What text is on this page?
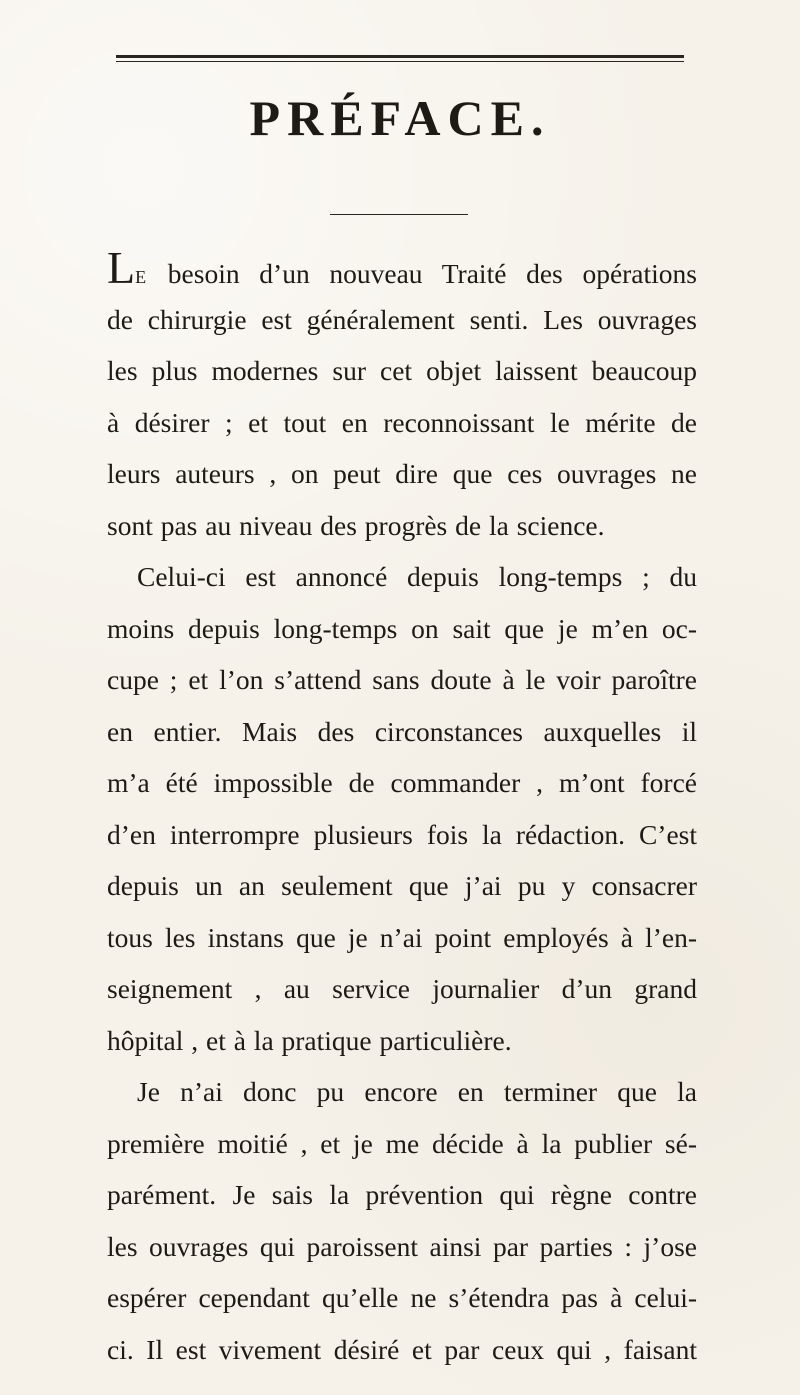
PRÉFACE.
LE besoin d’un nouveau Traité des opérations
de chirurgie est généralement senti. Les ouvrages
les plus modernes sur cet objet laissent beaucoup
à désirer ; et tout en reconnoissant le mérite de
leurs auteurs , on peut dire que ces ouvrages ne
sont pas au niveau des progrès de la science.
Celui-ci est annoncé depuis long-temps ; du
moins depuis long-temps on sait que je m’en oc-
cupe ; et l’on s’attend sans doute à le voir paroître
en entier. Mais des circonstances auxquelles il
m’a été impossible de commander , m’ont forcé
d’en interrompre plusieurs fois la rédaction. C’est
depuis un an seulement que j’ai pu y consacrer
tous les instans que je n’ai point employés à l’en-
seignement , au service journalier d’un grand
hôpital , et à la pratique particulière.
Je n’ai donc pu encore en terminer que la
première moitié , et je me décide à la publier sé-
parément. Je sais la prévention qui règne contre
les ouvrages qui paroissent ainsi par parties : j’ose
espérer cependant qu’elle ne s’étendra pas à celui-
ci. Il est vivement désiré et par ceux qui , faisant
